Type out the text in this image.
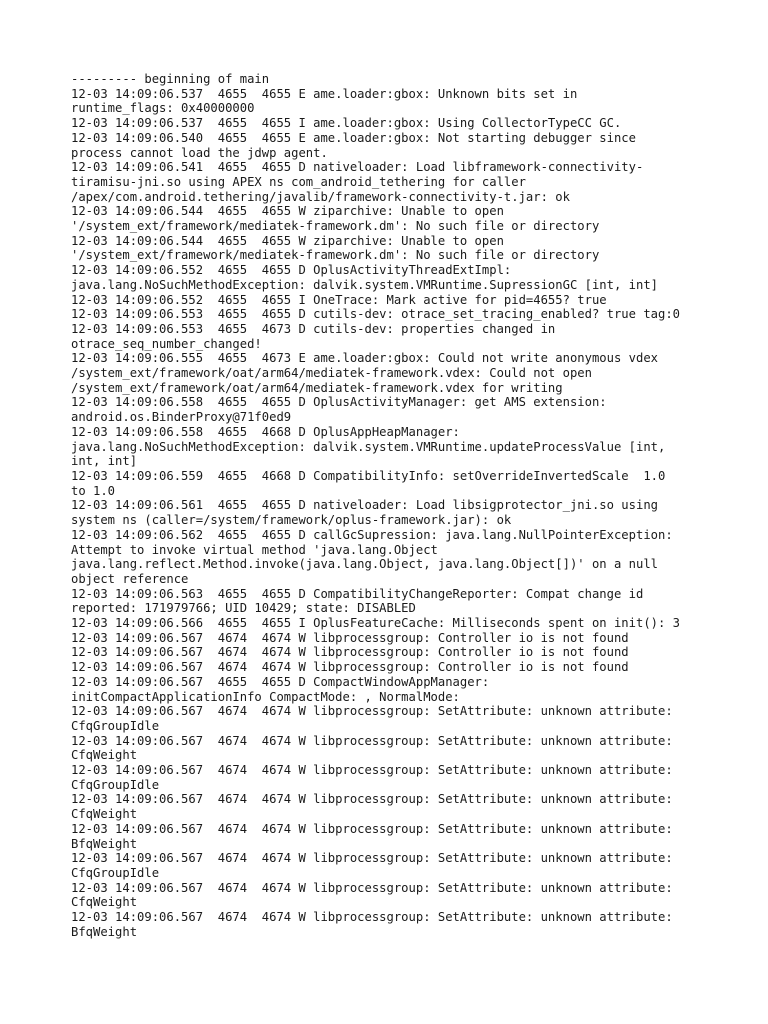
--------- beginning of main
12-03 14:09:06.537  4655  4655 E ame.loader:gbox: Unknown bits set in
runtime_flags: 0x40000000
12-03 14:09:06.537  4655  4655 I ame.loader:gbox: Using CollectorTypeCC GC.
12-03 14:09:06.540  4655  4655 E ame.loader:gbox: Not starting debugger since
process cannot load the jdwp agent.
12-03 14:09:06.541  4655  4655 D nativeloader: Load libframework-connectivity-
tiramisu-jni.so using APEX ns com_android_tethering for caller
/apex/com.android.tethering/javalib/framework-connectivity-t.jar: ok
12-03 14:09:06.544  4655  4655 W ziparchive: Unable to open
'/system_ext/framework/mediatek-framework.dm': No such file or directory
12-03 14:09:06.544  4655  4655 W ziparchive: Unable to open
'/system_ext/framework/mediatek-framework.dm': No such file or directory
12-03 14:09:06.552  4655  4655 D OplusActivityThreadExtImpl:
java.lang.NoSuchMethodException: dalvik.system.VMRuntime.SupressionGC [int, int]
12-03 14:09:06.552  4655  4655 I OneTrace: Mark active for pid=4655? true
12-03 14:09:06.553  4655  4655 D cutils-dev: otrace_set_tracing_enabled? true tag:0
12-03 14:09:06.553  4655  4673 D cutils-dev: properties changed in
otrace_seq_number_changed!
12-03 14:09:06.555  4655  4673 E ame.loader:gbox: Could not write anonymous vdex
/system_ext/framework/oat/arm64/mediatek-framework.vdex: Could not open
/system_ext/framework/oat/arm64/mediatek-framework.vdex for writing
12-03 14:09:06.558  4655  4655 D OplusActivityManager: get AMS extension:
android.os.BinderProxy@71f0ed9
12-03 14:09:06.558  4655  4668 D OplusAppHeapManager:
java.lang.NoSuchMethodException: dalvik.system.VMRuntime.updateProcessValue [int,
int, int]
12-03 14:09:06.559  4655  4668 D CompatibilityInfo: setOverrideInvertedScale  1.0
to 1.0
12-03 14:09:06.561  4655  4655 D nativeloader: Load libsigprotector_jni.so using
system ns (caller=/system/framework/oplus-framework.jar): ok
12-03 14:09:06.562  4655  4655 D callGcSupression: java.lang.NullPointerException:
Attempt to invoke virtual method 'java.lang.Object
java.lang.reflect.Method.invoke(java.lang.Object, java.lang.Object[])' on a null
object reference
12-03 14:09:06.563  4655  4655 D CompatibilityChangeReporter: Compat change id
reported: 171979766; UID 10429; state: DISABLED
12-03 14:09:06.566  4655  4655 I OplusFeatureCache: Milliseconds spent on init(): 3
12-03 14:09:06.567  4674  4674 W libprocessgroup: Controller io is not found
12-03 14:09:06.567  4674  4674 W libprocessgroup: Controller io is not found
12-03 14:09:06.567  4674  4674 W libprocessgroup: Controller io is not found
12-03 14:09:06.567  4655  4655 D CompactWindowAppManager:
initCompactApplicationInfo CompactMode: , NormalMode:
12-03 14:09:06.567  4674  4674 W libprocessgroup: SetAttribute: unknown attribute:
CfqGroupIdle
12-03 14:09:06.567  4674  4674 W libprocessgroup: SetAttribute: unknown attribute:
CfqWeight
12-03 14:09:06.567  4674  4674 W libprocessgroup: SetAttribute: unknown attribute:
CfqGroupIdle
12-03 14:09:06.567  4674  4674 W libprocessgroup: SetAttribute: unknown attribute:
CfqWeight
12-03 14:09:06.567  4674  4674 W libprocessgroup: SetAttribute: unknown attribute:
BfqWeight
12-03 14:09:06.567  4674  4674 W libprocessgroup: SetAttribute: unknown attribute:
CfqGroupIdle
12-03 14:09:06.567  4674  4674 W libprocessgroup: SetAttribute: unknown attribute:
CfqWeight
12-03 14:09:06.567  4674  4674 W libprocessgroup: SetAttribute: unknown attribute:
BfqWeight
